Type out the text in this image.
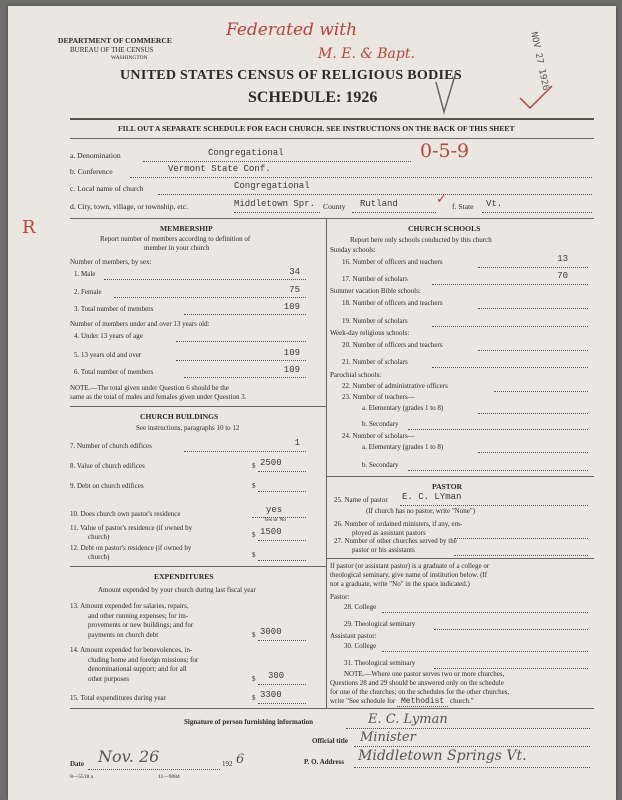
DEPARTMENT OF COMMERCE
BUREAU OF THE CENSUS
WASHINGTON
UNITED STATES CENSUS OF RELIGIOUS BODIES
SCHEDULE: 1926
Federated with
M. E. & Bapt.	NOV 27 1926
R
FILL OUT A SEPARATE SCHEDULE FOR EACH CHURCH. SEE INSTRUCTIONS ON THE BACK OF THIS SHEET
a. Denomination	Congregational	0-5-9
b. Conference	Vermont State Conf.
c. Local name of church	Congregational
d. City, town, village, or township, etc.	Middletown Spr. County Rutland	✓ f. State Vt.
MEMBERSHIP
Report number of members according to definition of
member in your church
Number of members, by sex:
1. Male	34
2. Female	75
3. Total number of members	109
Number of members under and over 13 years old:
4. Under 13 years of age
5. 13 years old and over	109
6. Total number of members	109
NOTE.—The total given under Question 6 should be the
same as the total of males and females given under Question 3.
CHURCH BUILDINGS
See instructions, paragraphs 10 to 12
7. Number of church edifices	1
8. Value of church edifices	$ 2500
9. Debt on church edifices	$
10. Does church own pastor's residence	yes
Yes or No
11. Value of pastor's residence (if owned by
church)	$ 1500
12. Debt on pastor's residence (if owned by
church)	$
EXPENDITURES
Amount expended by your church during last fiscal year
13. Amount expended for salaries, repairs,
and other running expenses; for im-
provements or new buildings; and for
payments on church debt	$ 3000
14. Amount expended for benevolences, in-
cluding home and foreign missions; for
denominational support; and for all
other purposes	$ 300
15. Total expenditures during year	$ 3300
CHURCH SCHOOLS
Report here only schools conducted by this church
Sunday schools:
16. Number of officers and teachers	13
17. Number of scholars	70
Summer vacation Bible schools:
18. Number of officers and teachers
19. Number of scholars
Week-day religious schools:
20. Number of officers and teachers
21. Number of scholars
Parochial schools:
22. Number of administrative officers
23. Number of teachers—
a. Elementary (grades 1 to 8)
b. Secondary
24. Number of scholars—
a. Elementary (grades 1 to 8)
b. Secondary
PASTOR
25. Name of pastor E. C. LYman
(If church has no pastor, write "None")
26. Number of ordained ministers, if any, em-
ployed as assistant pastors
27. Number of other churches served by the
pastor or his assistants
If pastor (or assistant pastor) is a graduate of a college or
theological seminary, give name of institution below. (If
not a graduate, write "No" in the space indicated.)
Pastor:
28. College
29. Theological seminary
Assistant pastor:
30. College
31. Theological seminary
NOTE.—Where one pastor serves two or more churches,
Questions 28 and 29 should be answered only on the schedule
for one of the churches; on the schedules for the other churches,
write "See schedule for Methodist church."
Signature of person furnishing information	E. C. Lyman
Official title Minister
Date Nov. 26	192 6	P. O. Address Middletown Springs Vt.
8—5518 a	11—9084
